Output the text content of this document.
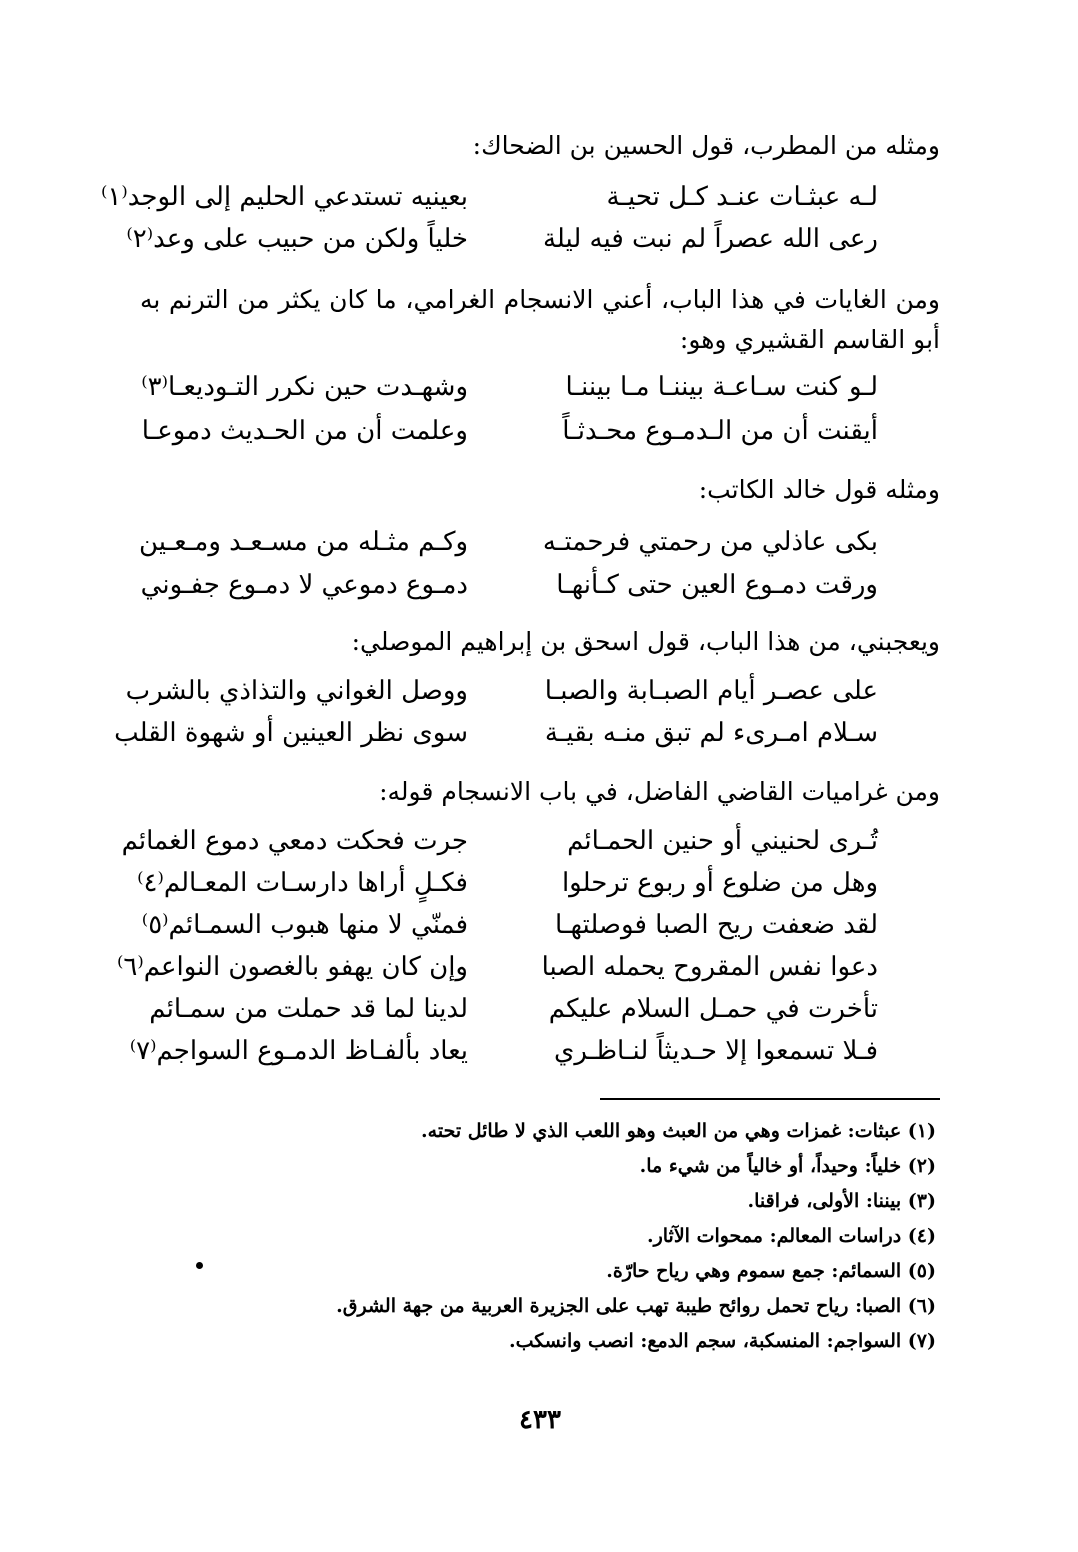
ومثله من المطرب، قول الحسين بن الضحاك:
لـه عبثـات عنـد كـل تحيـة
بعينيه تستدعي الحليم إلى الوجد⁽١⁾
رعى الله عصراً لم نبت فيه ليلة
خلياً ولكن من حبيب على وعد⁽٢⁾
ومن الغايات في هذا الباب، أعني الانسجام الغرامي، ما كان يكثر من الترنم به أبو القاسم القشيري وهو:
لـو كنت سـاعـة بيننـا مـا بيننـا
وشهـدت حين نكرر التـوديعـا⁽٣⁾
أيقنت أن من الـدمـوع محـدثـاً
وعلمت أن من الحـديث دموعـا
ومثله قول خالد الكاتب:
بكى عاذلي من رحمتي فرحمتـه
وكـم مثـله من مسـعـد ومـعـين
ورقت دمـوع العين حتى كـأنهـا
دمـوع دموعي لا دمـوع جفـوني
ويعجبني، من هذا الباب، قول اسحق بن إبراهيم الموصلي:
على عصـر أيام الصبـابة والصبـا
ووصل الغواني والتذاذي بالشرب
سـلام امـرىء لم تبق منـه بقيـة
سوى نظر العينين أو شهوة القلب
ومن غراميات القاضي الفاضل، في باب الانسجام قوله:
تُـرى لحنيني أو حنين الحمـائم
جرت فحكت دمعي دموع الغمائم
وهل من ضلوع أو ربوع ترحلوا
فكـلٍ أراها دارسـات المعـالم⁽٤⁾
لقد ضعفت ريح الصبا فوصلتهـا
فمنّي لا منها هبوب السمـائم⁽٥⁾
دعوا نفس المقروح يحمله الصبا
وإن كان يهفو بالغصون النواعم⁽٦⁾
تأخرت في حمـل السلام عليكم
لدينا لما قد حملت من سمـائم
فـلا تسمعوا إلا حـديثاً لنـاظـري
يعاد بألفـاظ الدمـوع السواجم⁽٧⁾
(١) عبثات: غمزات وهي من العبث وهو اللعب الذي لا طائل تحته.
(٢) خلياً: وحيداً، أو خالياً من شيء ما.
(٣) بيننا: الأولى، فراقنا.
(٤) دراسات المعالم: ممحوات الآثار.
(٥) السمائم: جمع سموم وهي رياح حارّة.
(٦) الصبا: رياح تحمل روائح طيبة تهب على الجزيرة العربية من جهة الشرق.
(٧) السواجم: المنسكبة، سجم الدمع: انصب وانسكب.
٤٣٣
